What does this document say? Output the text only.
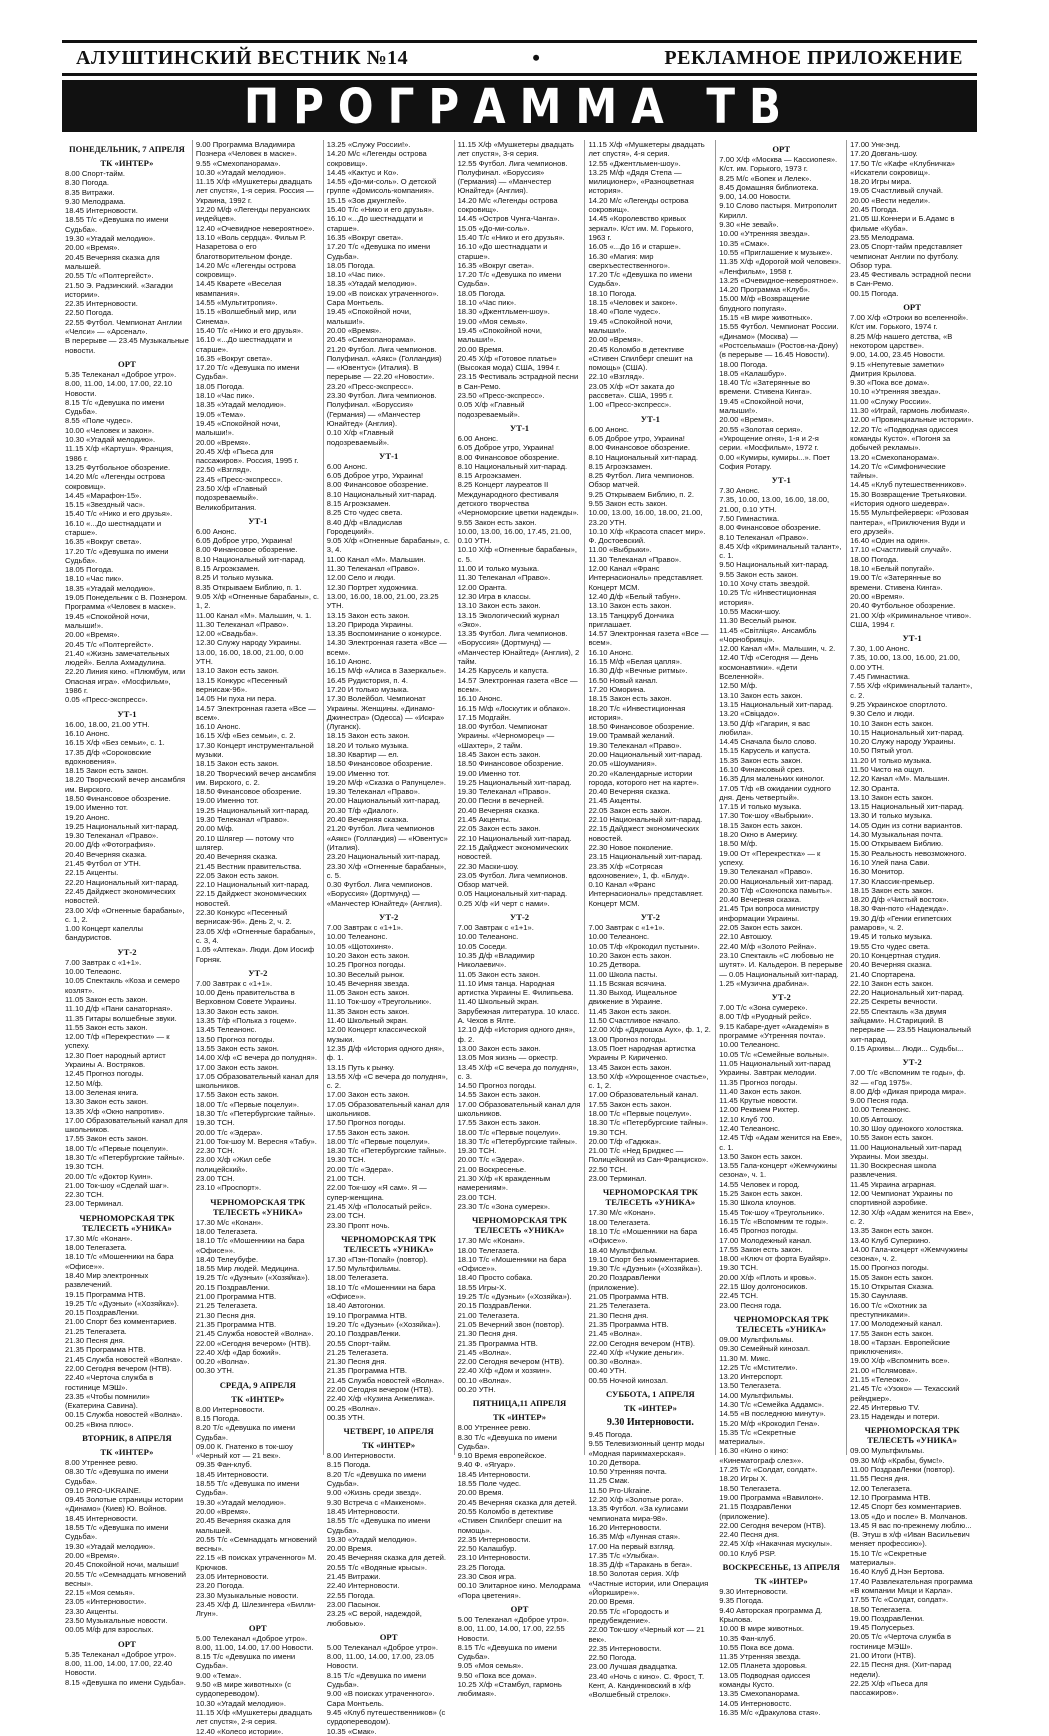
АЛУШТИНСКИЙ ВЕСТНИК №14	•	РЕКЛАМНОЕ ПРИЛОЖЕНИЕ
ПРОГРАММА ТВ

ПОНЕДЕЛЬНИК, 7 АПРЕЛЯ

ТК «ИНТЕР»

8.00 Спорт-тайм.

8.30 Погода.

8.35 Витражи.

9.30 Мелодрама.

18.45 Интерновости.

18.55 Т/с «Девушка по имени Судьба».

19.30 «Угадай мелодию».

20.00 «Время».

20.45 Вечерняя сказка для малышей.

20.55 Т/с «Полтергейст».

21.50 Э. Радзинский. «Загадки истории».

22.35 Интерновости.

22.50 Погода.

22.55 Футбол. Чемпионат Англии «Челси» — «Арсенал».

В перерыве — 23.45 Музыкальные новости.

ОРТ

5.35 Телеканал «Доброе утро».

8.00, 11.00, 14.00, 17.00, 22.10 Новости.

8.15 Т/с «Девушка по имени Судьба».

8.55 «Поле чудес».

10.00 «Человек и закон».

10.30 «Угадай мелодию».

11.15 Х/ф «Картуш». Франция, 1986 г.

13.25 Футбольное обозрение.

14.20 М/с «Легенды острова сокровищ».

14.45 «Марафон-15».

15.15 «Звездный час».

15.40 Т/с «Нико и его друзья».

16.10 «...До шестнадцати и старше».

16.35 «Вокруг света».

17.20 Т/с «Девушка по имени Судьба».

18.05 Погода.

18.10 «Час пик».

18.35 «Угадай мелодию».

19.05 Понедельник с В. Познером. Программа «Человек в маске».

19.45 «Спокойной ночи, малыши!».

20.00 «Время».

20.45 Т/с «Полтергейст».

21.40 «Жизнь замечательных людей». Белла Ахмадулина.

22.20 Линия кино. «Плюмбум, или Опасная игра». «Мосфильм», 1986 г.

0.05 «Пресс-экспресс».

УТ-1

16.00, 18.00, 21.00 УТН.

16.10 Анонс.

16.15 Х/ф «Без семьи», с. 1.

17.35 Д/ф «Сороковские вдохновения».

18.15 Закон есть закон.

18.20 Творческий вечер ансамбля им. Вирского.

18.50 Финансовое обозрение.

19.00 Именно тот.

19.20 Анонс.

19.25 Национальный хит-парад.

19.30 Телеканал «Право».

20.00 Д/ф «Фотография».

20.40 Вечерняя сказка.

21.45 Футбол от УТН.

22.15 Акценты.

22.20 Национальный хит-парад.

22.45 Дайджест экономических новостей.

23.00 Х/ф «Огненные барабаны», с. 1, 2.

1.00 Концерт капеллы бандуристов.

УТ-2

7.00 Завтрак с «1+1».

10.00 Телеаонс.

10.05 Спектакль «Коза и семеро козлят».

11.05 Закон есть закон.

11.10 Д/ф «Пани санаторная».

11.35 Гитары волшебные звуки.

11.55 Закон есть закон.

12.00 Т/ф «Перекрестки» — к успеху.

12.30 Поет народный артист Украины А. Востряков.

12.45 Прогноз погоды.

12.50 М/ф.

13.00 Зеленая книга.

13.30 Закон есть закон.

13.35 Х/ф «Окно напротив».

17.00 Образовательный канал для школьников.

17.55 Закон есть закон.

18.00 Т/с «Первые поцелуи».

18.30 Т/с «Петербургские тайны».

19.30 ТСН.

20.00 Т/с «Доктор Куин».

21.00 Ток-шоу «Сделай шаг».

22.30 ТСН.

23.00 Терминал.

ЧЕРНОМОРСКАЯ ТРК ТЕЛЕСЕТЬ «УНИКА»

17.30 М/с «Конан».

18.00 Телегазета.

18.10 Т/с «Мошенники на бара «Офисе»».

18.40 Мир электронных развлечений.

19.15 Программа НТВ.

19.25 Т/с «Дуэньи» («Хозяйка»).

20.15 ПоздравЛенки.

21.00 Спорт без комментариев.

21.25 Телегазета.

21.30 Песня дня.

21.35 Программа НТВ.

21.45 Служба новостей «Волна».

22.00 Сегодня вечером (НТВ).

22.40 «Черточа служба в гостинице МЭШ».

23.35 «Чтобы помнили» (Екатерина Савина).

00.15 Служба новостей «Волна».

00.25 «Вкна плюс».

ВТОРНИК, 8 АПРЕЛЯ

ТК «ИНТЕР»

8.00 Утреннее ревю.

08.30 Т/с «Девушка по имени Судьба».

09.10 PRO-UKRAINE.

09.45 Золотые страницы истории «Динамо» (Киев) Ю. Войнов.

18.45 Интерновости.

18.55 Т/с «Девушка по имени Судьба».

19.30 «Угадай мелодию».

20.00 «Время».

20.45 Спокойной ночи, малыши!

20.55 Т/с «Семнадцать мгновений весны».

22.15 «Моя семья».

23.05 «Интерновости».

23.30 Акценты.

23.50 Музыкальные новости.

00.05 М/ф для взрослых.

ОРТ

5.35 Телеканал «Доброе утро».

8.00, 11.00, 14.00, 17.00, 22.40 Новости.

8.15 «Девушка по имени Судьба».

9.00 Программа Владимира Познера «Человек в маске».

9.55 «Смехопанорама».

10.30 «Угадай мелодию».

11.15 Х/ф «Мушкетеры двадцать лет спустя», 1-я серия. Россия — Украина, 1992 г.

12.20 М/ф «Легенды перуанских индейцев».

12.40 «Очевидное невероятное».

13.10 «Воль сердца». Фильм Р. Назаретова о его благотворительном фонде.

14.20 М/с «Легенды острова сокровищ».

14.45 Кварете «Веселая квампания».

14.55 «Мультитропия».

15.15 «Волшебный мир, или Синема».

15.40 Т/с «Нико и его друзья».

16.10 «...До шестнадцати и старше».

16.35 «Вокруг света».

17.20 Т/с «Девушка по имени Судьба».

18.05 Погода.

18.10 «Час пик».

18.35 «Угадай мелодию».

19.05 «Тема».

19.45 «Спокойной ночи, малыши!».

20.00 «Время».

20.45 Х/ф «Пьеса для пассажиров». Россия, 1995 г.

22.50 «Взгляд».

23.45 «Пресс-экспресс».

23.50 Х/ф «Главный подозреваемый». Великобритания.

УТ-1

6.00 Анонс.

6.05 Доброе утро, Украина!

8.00 Финансовое обозрение.

8.10 Национальный хит-парад.

8.15 Агроэкзамен.

8.25 И только музыка.

8.35 Открываем Библию, п. 1.

9.05 Х/ф «Огненные барабаны», с. 1, 2.

11.00 Канал «М». Мальшин, ч. 1.

11.30 Телеканал «Право».

12.00 «Свадьба».

12.30 Служу народу Украины.

13.00, 16.00, 18.00, 21.00, 0.00 УТН.

13.10 Закон есть закон.

13.15 Конкурс «Песенный вернисаж-96».

14.05 Ни пуха ни пера.

14.57 Электронная газета «Все — всем».

16.10 Анонс.

16.15 Х/ф «Без семьи», с. 2.

17.30 Концерт инструментальной музыки.

18.15 Закон есть закон.

18.20 Творческий вечер ансамбля им. Вирского, с. 2.

18.50 Финансовое обозрение.

19.00 Именно тот.

19.25 Национальный хит-парад.

19.30 Телеканал «Право».

20.00 М/ф.

20.10 Шлягер — потому что шлягер.

20.40 Вечерняя сказка.

21.45 Вестник правительства.

22.05 Закон есть закон.

22.10 Национальный хит-парад.

22.15 Дайджест экономических новостей.

22.30 Конкурс «Песенный вернисаж-96». День 2, ч. 2.

23.05 Х/ф «Огненные барабаны», с. 3, 4.

1.05 «Аптека». Люди. Дом Иосиф Горняк.

УТ-2

7.00 Завтрак с «1+1».

10.00 День правительства в Верховном Совете Украины.

13.30 Закон есть закон.

13.35 Т/ф «Полька з гоцем».

13.45 Телеанонс.

13.50 Прогноз погоды.

13.55 Закон есть закон.

14.00 Х/ф «С вечера до полудня».

17.00 Закон есть закон.

17.05 Образовательный канал для школьников.

17.55 Закон есть закон.

18.00 Т/с «Первые поцелуи».

18.30 Т/с «Петербургские тайны».

19.30 ТСН.

20.00 Т/с «Эдера».

21.00 Ток-шоу М. Вересня «Табу».

22.30 ТСН.

23.00 Х/ф «Жил себе полицейский».

23.00 ТСН.

23.10 «Проспорт».

ЧЕРНОМОРСКАЯ ТРК ТЕЛЕСЕТЬ «УНИКА»

17.30 М/с «Конан».

18.00 Телегазета.

18.10 Т/с «Мошенники на бара «Офисе»».

18.40 Телеубуфе.

18.55 Мир людей. Медицина.

19.25 Т/с «Дуэньи» («Хозяйка»).

20.15 ПоздравЛенки.

21.00 Программа НТВ.

21.25 Телегазета.

21.30 Песня дня.

21.35 Программа НТВ.

21.45 Служба новостей «Волна».

22.00 «Сегодня вечером» (НТВ).

22.40 Х/ф «Дар божий».

00.20 «Волна».

00.30 УТН.

СРЕДА, 9 АПРЕЛЯ

ТК «ИНТЕР»

8.00 Интерновости.

8.15 Погода.

8.20 Т/с «Девушка по имени Судьба».

09.00 К. Гнатенко в ток-шоу «Черный кот — 21 век».

09.35 Фан-клуб.

18.45 Интерновости.

18.55 Т/с «Девушка по имени Судьба».

19.30 «Угадай мелодию».

20.00 «Время».

20.45 Вечерняя сказка для малышей.

20.55 Т/с «Семнадцать мгновений весны».

22.15 «В поисках утраченного» М. Крючков.

23.05 Интерновости.

23.20 Погода.

23.30 Музыкальные новости.

23.45 Х/ф Д. Шлезингера «Билли-Лгун».

ОРТ

5.00 Телеканал «Доброе утро».

8.00, 11.00, 14.00, 17.00 Новости.

8.15 Т/с «Девушка по имени Судьба».

9.00 «Тема».

9.50 «В мире животных» (с сурдопереводом).

10.30 «Угадай мелодию».

11.15 Х/ф «Мушкетеры двадцать лет спустя», 2-я серия.

12.40 «Колесо истории».

13.25 «Служу России!».

14.20 М/с «Легенды острова сокровищ».

14.45 «Кактус и Ко».

14.55 «До-ми-соль». О детской группе «Домисоль-компания».

15.15 «Зов джунглей».

15.40 Т/с «Нико и его друзья».

16.10 «...До шестнадцати и старше».

16.35 «Вокруг света».

17.20 Т/с «Девушка по имени Судьба».

18.05 Погода.

18.10 «Час пик».

18.35 «Угадай мелодию».

19.00 «В поисках утраченного». Сара Монтьель.

19.45 «Спокойной ночи, малыши!».

20.00 «Время».

20.45 «Смехопанорама».

21.20 Футбол. Лига чемпионов. Полуфинал. «Аякс» (Голландия) — «Ювентус» (Италия). В перерыве — 22.20 «Новости».

23.20 «Пресс-экспресс».

23.30 Футбол. Лига чемпионов. Полуфинал. «Боруссия» (Германия) — «Манчестер Юнайтед» (Англия).

0.10 Х/ф «Главный подозреваемый».

УТ-1

6.00 Анонс.

6.05 Доброе утро, Украина!

8.00 Финансовое обозрение.

8.10 Национальный хит-парад.

8.15 Агроэкзамен.

8.25 Сто чудес света.

8.40 Д/ф «Владислав Городецкий».

9.05 Х/ф «Огненные барабаны», с. 3, 4.

11.00 Канал «М». Мальшин.

11.30 Телеканал «Право».

12.00 Село и люди.

12.30 Портрет художника.

13.00, 16.00, 18.00, 21.00, 23.25 УТН.

13.15 Закон есть закон.

13.20 Природа Украины.

13.35 Воспоминание о конкурсе.

14.30 Электронная газета «Все — всем».

16.10 Анонс.

16.15 М/ф «Алиса в Зазеркалье».

16.45 Рудистория, п. 4.

17.20 И только музыка.

17.30 Волейбол. Чемпионат Украины. Женщины. «Динамо-Джинестра» (Одесса) — «Искра» (Луганск).

18.15 Закон есть закон.

18.20 И только музыка.

18.30 Квартир — ел.

18.50 Финансовое обозрение.

19.00 Именно тот.

19.20 М/ф «Сказка о Рапунцеле».

19.30 Телеканал «Право».

20.00 Национальный хит-парад.

20.30 Т/ф «Диалог».

20.40 Вечерняя сказка.

21.20 Футбол. Лига чемпионов «Аякс» (Голландия) — «Ювентус» (Италия).

23.20 Национальный хит-парад.

23.30 Х/ф «Огненные барабаны», с. 5.

0.30 Футбол. Лига чемпионов. «Боруссия» (Дортмунд) — «Манчестер Юнайтед» (Англия).

УТ-2

7.00 Завтрак с «1+1».

10.00 Телеанонс.

10.05 «Щотохиня».

10.20 Закон есть закон.

10.25 Прогноз погоды.

10.30 Веселый рынок.

10.45 Вечерняя звезда.

11.05 Закон есть закон.

11.10 Ток-шоу «Треугольник».

11.35 Закон есть закон.

11.40 Школьный экран.

12.00 Концерт классической музыки.

12.35 Д/ф «История одного дня», ф. 1.

13.15 Путь к рынку.

13.55 Х/ф «С вечера до полудня», с. 2.

17.00 Закон есть закон.

17.05 Образовательный канал для школьников.

17.50 Прогноз погоды.

17.55 Закон есть закон.

18.00 Т/с «Первые поцелуи».

18.30 Т/с «Петербургские тайны».

19.30 ТСН.

20.00 Т/с «Эдера».

21.00 ТСН.

22.00 Ток-шоу «Я сам». Я — супер-женщина.

21.45 Х/ф «Полосатый рейс».

23.00 ТСН.

23.30 Пропт ночь.

ЧЕРНОМОРСКАЯ ТРК ТЕЛЕСЕТЬ «УНИКА»

17.30 «Пэн-Попай» (повтор).

17.50 Мультфильмы.

18.00 Телегазета.

18.10 Т/с «Мошенники на бара «Офисе»».

18.40 Автогонки.

19.10 Программа НТВ.

19.20 Т/с «Дуэньи» («Хозяйка»).

20.10 ПоздравЛенки.

20.55 Спорт-тайм.

21.25 Телегазета.

21.30 Песня дня.

21.35 Программа НТВ.

21.45 Служба новостей «Волна».

22.00 Сегодня вечером (НТВ).

22.40 Х/ф «Кузина Анжеликa».

00.25 «Волна».

00.35 УТН.

ЧЕТВЕРГ, 10 АПРЕЛЯ

ТК «ИНТЕР»

8.00 Интерновости.

8.15 Погода.

8.20 Т/с «Девушка по имени Судьба».

9.00 «Жизнь среди звезд».

9.30 Встреча с «Маккеном».

18.45 Интерновости.

18.55 Т/с «Девушка по имени Судьба».

19.30 «Угадай мелодию».

20.00 Время.

20.45 Вечерняя сказка для детей.

20.55 Т/с «Водяные крысы».

21.45 Витражи.

22.40 Интерновости.

22.55 Погода.

23.00 Пасынок.

23.25 «С верой, надеждой, любовью».

ОРТ

5.00 Телеканал «Доброе утро».

8.00, 11.00, 14.00, 17.00, 23.05 Новости.

8.15 Т/с «Девушка по имени Судьба».

9.00 «В поисках утраченного». Сара Монтьель.

9.45 «Клуб путешественников» (с сурдопереводом).

10.35 «Смак».

11.15 Х/ф «Мушкетеры двадцать лет спустя», 3-я серия.

12.55 Футбол. Лига чемпионов. Полуфинал. «Боруссия» (Германия) — «Манчестер Юнайтед» (Англия).

14.20 М/с «Легенды острова сокровищ».

14.45 «Остров Чунга-Чанга».

15.05 «До-ми-соль».

15.40 Т/с «Нико и его друзья».

16.10 «До шестнадцати и старше».

16.35 «Вокруг света».

17.20 Т/с «Девушка по имени Судьба».

18.05 Погода.

18.10 «Час пик».

18.30 «Джентльмен-шоу».

19.00 «Моя семья».

19.45 «Спокойной ночи, малыши!».

20.00 Время.

20.45 Х/ф «Готовое платье» (Высокая мода) США, 1994 г.

23.15 Фестиваль эстрадной песни в Сан-Ремо.

23.50 «Пресс-экспресс».

0.05 Х/ф «Главный подозреваемый».

УТ-1

6.00 Анонс.

6.05 Доброе утро, Украина!

8.00 Финансовое обозрение.

8.10 Национальный хит-парад.

8.15 Агроэкзамен.

8.25 Концерт лауреатов II Международного фестиваля детского творчества «Черноморские цветки надежды».

9.55 Закон есть закон.

10.00, 13.00, 16.00, 17.45, 21.00, 0.10 УТН.

10.10 Х/ф «Огненные барабаны», с. 5.

11.00 И только музыка.

11.30 Телеканал «Право».

12.00 Оранта.

12.30 Игра в классы.

13.10 Закон есть закон.

13.15 Экологический журнал «Эко».

13.35 Футбол. Лига чемпионов. «Боруссия» (Дортмунд) — «Манчестер Юнайтед» (Англия), 2 тайм.

14.25 Карусель и капуста.

14.57 Электронная газета «Все — всем».

16.10 Анонс.

16.15 М/ф «Лоскутик и облако».

17.15 Модгайн.

18.00 Футбол. Чемпионат Украины. «Черноморец» — «Шахтер», 2 тайм.

18.45 Закон есть закон.

18.50 Финансовое обозрение.

19.00 Именно тот.

19.25 Национальный хит-парад.

19.30 Телеканал «Право».

20.00 Песни в вечерней.

20.40 Вечерняя сказка.

21.45 Акценты.

22.05 Закон есть закон.

22.10 Национальный хит-парад.

22.15 Дайджест экономических новостей.

22.30 Маски-шоу.

23.05 Футбол. Лига чемпионов. Обзор матчей.

0.05 Национальный хит-парад.

0.25 Х/ф «И черт с нами».

УТ-2

7.00 Завтрак с «1+1».

10.00 Телеанонс.

10.05 Соседи.

10.35 Д/ф «Владимир Николаевич».

11.05 Закон есть закон.

11.10 Имя танца. Народная артистка Украины Е. Филипьева.

11.40 Школьный экран. Зарубежная литература. 10 класс. А. Чехов в Ялте.

12.10 Д/ф «История одного дня», ф. 2.

13.00 Закон есть закон.

13.05 Моя жизнь — оркестр.

13.45 Х/ф «С вечера до полудня», с. 3.

14.50 Прогноз погоды.

14.55 Закон есть закон.

17.00 Образовательный канал для школьников.

17.55 Закон есть закон.

18.00 Т/с «Первые поцелуи».

18.30 Т/с «Петербургские тайны».

19.30 ТСН.

20.00 Т/с «Эдера».

21.00 Воскресенье.

21.30 Х/ф «К вражденным намерениям».

23.00 ТСН.

23.30 Т/с «Зона сумерек».

ЧЕРНОМОРСКАЯ ТРК ТЕЛЕСЕТЬ «УНИКА»

17.30 М/с «Конан».

18.00 Телегазета.

18.10 Т/с «Мошенники на бара «Офисе»».

18.40 Простo собака.

18.55 Игры-Х.

19.25 Т/с «Дуэньи» («Хозяйка»).

20.15 ПоздравЛенки.

21.00 Телегазета.

21.05 Вечерний звон (повтор).

21.30 Песня дня.

21.35 Программа НТВ.

21.45 «Волна».

22.00 Сегодня вечером (НТВ).

22.40 Х/ф «Дом и хозяин».

00.10 «Волна».

00.20 УТН.

ПЯТНИЦА,11 АПРЕЛЯ

ТК «ИНТЕР»

8.00 Утреннее ревю.

8.30 Т/с «Девушка по имени Судьба».

9.10 Время европейское.

9.40 Ф. «Ягуар».

18.45 Интерновости.

18.55 Поле чудес.

20.00 Время.

20.45 Вечерняя сказка для детей.

20.55 Коломбо в детективе «Стивен Спилберг спешит на помощь».

22.35 Интерновости.

22.50 Калашбур.

23.10 Интерновости.

23.25 Погода.

23.30 Своя игра.

00.10 Элитарное кино. Мелодрама «Пора цветения».

ОРТ

5.00 Телеканал «Доброе утро».

8.00, 11.00, 14.00, 17.00, 22.55 Новости.

8.15 Т/с «Девушка по имени Судьба».

9.05 «Моя семья».

9.50 «Пока все дома».

10.25 Х/ф «Стамбул, гармонь любимая».

11.15 Х/ф «Мушкетеры двадцать лет спустя», 4-я серия.

12.55 «Джентльмен-шоу».

13.25 М/ф «Дядя Степа — милиционер», «Разноцветная история».

14.20 М/с «Легенды острова сокровищ».

14.45 «Королевство кривых зеркал». К/ст им. М. Горького, 1963 г.

16.05 «...До 16 и старше».

16.30 «Магия: мир сверхъестественного».

17.20 Т/с «Девушка по имени Судьба».

18.10 Погода.

18.15 «Человек и закон».

18.40 «Поле чудес».

19.45 «Спокойной ночи, малыши!».

20.00 «Время».

20.45 Коломбо в детективе «Стивен Спилберг спешит на помощь» (США).

22.10 «Взгляд».

23.05 Х/ф «От заката до рассвета». США, 1995 г.

1.00 «Пресс-экспресс».

УТ-1

6.00 Анонс.

6.05 Доброе утро, Украина!

8.00 Финансовое обозрение.

8.10 Национальный хит-парад.

8.15 Агроэкзамен.

8.25 Футбол. Лига чемпионов. Обзор матчей.

9.25 Открываем Библию, п. 2.

9.55 Закон есть закон.

10.00, 13.00, 16.00, 18.00, 21.00, 23.20 УТН.

10.10 Х/ф «Красота спасет мир». Ф. Достоевский.

11.00 «Выбрыки».

11.30 Телеканал «Право».

12.00 Канал «Франс Интернасиональ» представляет. Концерт МСМ.

12.40 Д/ф «Белый табун».

13.10 Закон есть закон.

13.15 Танцкруб Дончика приглашает.

14.57 Электронная газета «Все — всем».

16.10 Анонс.

16.15 М/ф «Белая цапля».

16.30 Д/ф «Вечные ритмы».

16.50 Новый канал.

17.20 Юморина.

18.15 Закон есть закон.

18.20 Т/с «Инвестиционная история».

18.50 Финансовое обозрение.

19.00 Трамвай желаний.

19.30 Телеканал «Право».

20.00 Национальный хит-парад.

20.05 «Шоумания».

20.20 «Календарные истории города, которого нет на карте».

20.40 Вечерняя сказка.

21.45 Акценты.

22.05 Закон есть закон.

22.10 Национальный хит-парад.

22.15 Дайджест экономических новостей.

22.30 Новое поколение.

23.15 Национальный хит-парад.

23.35 Х/ф «Сотрясая вдохновение», 1, ф. «Блуд».

0.10 Канал «Франс Интернасиональ» представляет. Концерт МСМ.

УТ-2

7.00 Завтрак с «1+1».

10.00 Телеанонс.

10.05 Т/ф «Крокодил пустыни».

10.20 Закон есть закон.

10.25 Детвора.

11.00 Школа пасты.

11.15 Всякая всячина.

11.30 Выход. Ищеальное движение в Украине.

11.45 Закон есть закон.

11.50 Счастливое начало.

12.00 Х/ф «Дядюшка Аух», ф. 1, 2.

13.00 Прогноз погоды.

13.05 Поет народная артистка Украины Р. Кириченко.

13.45 Закон есть закон.

13.50 Х/ф «Укрощенное счастье», с. 1, 2.

17.00 Образовательный канал.

17.55 Закон есть закон.

18.00 Т/с «Первые поцелуи».

18.30 Т/с «Петербургские тайны».

19.30 ТСН.

20.00 Т/ф «Гадюка».

21.00 Т/с «Нед Бриджес — Полицейский из Сан-Франциско».

22.50 ТСН.

23.00 Терминал.

ЧЕРНОМОРСКАЯ ТРК ТЕЛЕСЕТЬ «УНИКА»

17.30 М/с «Конан».

18.00 Телегазета.

18.10 Т/с «Мошенники на бара «Офисе»».

18.40 Мультфильм.

19.10 Спорт без комментариев.

19.30 Т/с «Дуэньи» («Хозяйка»).

20.20 ПоздравЛенки (приложение).

21.05 Программа НТВ.

21.25 Телегазета.

21.30 Песня дня.

21.35 Программа НТВ.

21.45 «Волна».

22.00 Сегодня вечером (НТВ).

22.40 Х/ф «Чужие деньги».

00.30 «Волна».

00.40 УТН.

00.55 Ночной кинозал.

СУББОТА, 1 АПРЕЛЯ

ТК «ИНТЕР»

9.30 Интерновости.

9.45 Погода.

9.55 Телевизионный центр моды «Модная парикмахерская».

10.20 Детвора.

10.50 Утренняя почта.

11.25 Смак.

11.50 Pro-Ukraine.

12.20 Х/ф «Золотые рога».

13.35 Футбол. «За кулисами чемпионата мира-98».

16.20 Интерновости.

16.35 М/ф «Лунная стая».

17.00 На первый взгляд.

17.35 Т/с «Улыбка».

18.35 Д/ф «Таракань в бега».

18.50 Золотая серия. Х/ф «Частные истории, или Операция «Йоркшире»».

20.00 Время.

20.55 Т/с «Городость и предубеждение».

22.00 Ток-шоу «Черный кот — 21 век».

22.35 Интерновости.

22.50 Погода.

23.00 Лучшая двадцатка.

23.40 «Ночь с кино». С. Фрост, Т. Кент, А. Кандинковский в х/ф «Волшебный стрелок».

ОРТ

7.00 Х/ф «Москва — Кассиопея». К/ст. им. Горького, 1973 г.

8.25 М/с «Бопек и Лелек».

8.45 Домашняя библиотека.

9.00, 14.00 Новости.

9.10 Слово пастыря. Митрополит Кирилл.

9.30 «Не зевай».

10.00 «Утренняя звезда».

10.35 «Смак».

10.55 «Приглашение к музыке».

11.35 Х/ф «Дорогой мой человек». «Ленфильм», 1958 г.

13.25 «Очевидное-невероятное».

14.20 Программа «Клуб».

15.00 М/ф «Возвращение блудного попугая».

15.15 «В мире животных».

15.55 Футбол. Чемпионат России. «Динамо» (Москва) — «Ростсельмаш» (Ростов-на-Дону) (в перерыве — 16.45 Новости).

18.00 Погода.

18.05 «Калашбур».

18.40 Т/с «Затерянные во времени. Стивена Кинга».

19.45 «Спокойной ночи, малыши!».

20.00 «Время».

20.55 «Золотая серия». «Укрощение огня», 1-я и 2-я серии. «Мосфильм», 1972 г.

0.00 «Кумиры, кумиры...». Поет София Ротару.

УТ-1

7.30 Анонс.

7.35, 10.00, 13.00, 16.00, 18.00, 21.00, 0.10 УТН.

7.50 Гимнастика.

8.00 Финансовое обозрение.

8.10 Телеканал «Право».

8.45 Х/ф «Криминальный талант», с. 1.

9.50 Национальный хит-парад.

9.55 Закон есть закон.

10.10 Хочу стать звездой.

10.25 Т/с «Инвестиционная история».

10.55 Маски-шоу.

11.30 Веселый рынок.

11.45 «Світліця». Ансамбль «Чорнобривці».

12.00 Канал «М». Мальшин, ч. 2.

12.40 Т/ф «Сегодня — День космонавтики». «Дети Вселенной».

12.50 М/ф.

13.10 Закон есть закон.

13.15 Национальный хит-парад.

13.20 «Свіцадо».

13.50 Д/ф «Гагарин, я вас любила».

14.45 Сначала было слово.

15.15 Карусель и капуста.

15.35 Закон есть закон.

16.10 Финансовый срез.

16.35 Для маленьких кинолог.

17.05 Т/ф «В ожидании судного дня. День четвертый».

17.15 И только музыка.

17.30 Ток-шоу «Выбрыки».

18.15 Закон есть закон.

18.20 Окно в Америку.

18.50 М/ф.

19.00 От «Перекрестка» — к успеху.

19.30 Телеканал «Право».

20.00 Национальный хит-парад.

20.30 Т/ф «Сохнопска памыть».

20.40 Вечерняя сказка.

21.45 Три вопроса министру информации Украины.

22.05 Закон есть закон.

22.10 Автошоу.

22.40 М/ф «Золото Рейна».

23.10 Спектакль «С любовью не шутят». И. Кальдерон. В перерыве — 0.05 Национальный хит-парад.

1.25 «Музична драбина».

УТ-2

7.00 Т/с «Зона сумерек».

8.00 Т/ф «Руодный рейс».

9.15 Кабаре-дует «Академія» в программе «Утренняя почта».

10.00 Телеанонс.

10.05 Т/с «Семейные вольны».

11.05 Национальный хит-парад Украины. Завтрак мелодии.

11.35 Прогноз погоды.

11.40 Закон есть закон.

11.45 Крутые новости.

12.00 Реквием Рихтер.

12.10 Клуб 700.

12.40 Телеанонс.

12.45 Т/ф «Адам женится на Еве», с. 1.

13.50 Закон есть закон.

13.55 Гала-концерт «Жемчужины сезона», ч. 1.

14.55 Человек и город.

15.25 Закон есть закон.

15.30 Школа клоунов.

15.45 Ток-шоу «Треугольник».

16.15 Т/с «Вспомним те годы».

16.45 Прогноз погоды.

17.00 Молодежный канал.

17.55 Закон есть закон.

18.00 «Ключ от форта Буайяр».

19.30 ТСН.

20.00 Х/ф «Плоть и кровь».

22.15 Шоу долгоносиков.

22.45 ТСН.

23.00 Песня года.

ЧЕРНОМОРСКАЯ ТРК ТЕЛЕСЕТЬ «УНИКА»

09.00 Мультфильмы.

09.30 Семейный кинозал.

11.30 М. Микс.

12.25 Т/с «Мстители».

13.20 Интерспорт.

13.50 Телегазета.

14.00 Мультфильмы.

14.30 Т/с «Семейка Аддамс».

14.55 «В последнюю минуту».

15.20 М/ф «Крокодил Гена».

15.35 Т/с «Секретные материалы».

16.30 «Кино о кино: «Кинематограф слез»».

17.25 Т/с «Солдат, солдат».

18.20 Игры Х.

18.50 Телегазета.

19.00 Программа «Вавилон».

21.15 ПоздравЛенки (приложение).

22.00 Сегодня вечером (НТВ).

22.40 Песня дня.

22.45 Х/ф «Накачная мускулы».

00.10 Клуб PSP.

ВОСКРЕСЕНЬЕ, 13 АПРЕЛЯ

ТК «ИНТЕР»

9.30 Интерновости.

9.35 Погода.

9.40 Авторская программа Д. Крылова.

10.00 В мире животных.

10.35 Фан-клуб.

10.55 Пока все дома.

11.35 Утренняя звезда.

12.05 Планета здоровья.

13.05 Подводная одиссея команды Кусто.

13.35 Смехопанорама.

14.05 Интерновостс.

16.35 М/с «Дракулова стая».

17.00 Унк-энд.

17.20 Довгань-шоу.

17.50 Т/с «Кафе «Клубничка» «Искатели сокровищ».

18.20 Игры мира.

19.05 Счастливый случай.

20.00 «Вести недели».

20.45 Погода.

21.05 Ш.Коннери и Б.Адамс в фильме «Куба».

23.55 Мелодрама.

23.05 Спорт-тайм представляет чемпионат Англии по футболу. Обзор тура.

23.45 Фестиваль эстрадной песни в Сан-Ремо.

00.15 Погода.

ОРТ

7.00 Х/ф «Отроки во вселенной». К/ст им. Горького, 1974 г.

8.25 М/ф нашего детства, «В некотором царстве».

9.00, 14.00, 23.45 Новости.

9.15 «Непутевые заметки» Дмитрия Крылова.

9.30 «Пока все дома».

10.10 «Утренняя звезда».

11.00 «Служу России».

11.30 «Играй, гармонь любимая».

12.00 «Провинциальные истории».

12.20 Т/с «Подводная одиссея команды Кусто». «Погоня за добычей рекламы».

13.20 «Смехопанорама».

14.20 Т/с «Симфонические тайны».

14.45 «Клуб путешественников».

15.30 Возвращение Третьяковки. «История одного шедевра».

15.55 Мультфейерверк: «Розовая пантера», «Приключения Вуди и его друзей».

16.40 «Один на один».

17.10 «Счастливый случай».

18.00 Погода.

18.10 «Белый попугай».

19.00 Т/с «Затерянные во времени. Стивена Кинга».

20.00 «Время».

20.40 Футбольное обозрение.

21.00 Х/ф «Криминальное чтиво». США, 1994 г.

УТ-1

7.30, 1.00 Анонс.

7.35, 10.00, 13.00, 16.00, 21.00, 0.00 УТН.

7.45 Гимнастика.

7.55 Х/ф «Криминальный талант», с. 2.

9.25 Украинское спортлото.

9.30 Село и люди.

10.10 Закон есть закон.

10.15 Национальный хит-парад.

10.20 Служу народу Украины.

10.50 Пятый угол.

11.20 И только музыка.

11.50 Чисто на ощуп.

12.20 Канал «М». Мальшин.

12.30 Оранта.

13.10 Закон есть закон.

13.15 Национальный хит-парад.

13.30 И только музыка.

14.05 Один из сотни вариантов.

14.30 Музыкальная почта.

15.00 Открываем Библию.

15.30 Реальность невозможного.

16.10 Улей пана Сави.

16.30 Монитор.

17.30 Классик-премьер.

18.15 Закон есть закон.

18.20 Д/ф «Чистый восток».

18.30 Фан-пото «Надежда».

19.30 Д/ф «Гении египетских рамаров», ч. 2.

19.45 И только музыка.

19.55 Сто чудес света.

20.10 Концертная студия.

20.40 Вечерняя сказка.

21.40 Спортарена.

22.10 Закон есть закон.

22.20 Национальный хит-парад.

22.25 Секреты вечности.

22.55 Спектакль «За двумя зайцами». Н.Старицкий. В перерыве — 23.55 Национальный хит-парад.

0.15 Архивы... Люди... Судьбы...

УТ-2

7.00 Т/с «Вспомним те годы», ф. 32 — «Год 1975».

8.00 Д/ф «Дикая природа мира».

9.00 Песня года.

10.00 Телеанонс.

10.05 Автошоу.

10.30 Шоу одинокого холостяка.

10.55 Закон есть закон.

11.00 Национальный хит-парад Украины. Мои звезды.

11.30 Воскресная школа развлечения.

11.45 Украина аграрная.

12.00 Чемпионат Украины по спортивной аэробике.

12.30 Х/ф «Адам женится на Еве», с. 2.

13.35 Закон есть закон.

13.40 Клуб Суперкино.

14.00 Гала-концерт «Жемчужины сезона», ч. 2.

15.00 Прогноз погоды.

15.05 Закон есть закон.

15.10 Открытая Сказка.

15.30 Саунлаяв.

16.00 Т/с «Охотник за преступниками».

17.00 Молодежный канал.

17.55 Закон есть закон.

18.00 «Тарзан. Европейские приключения».

19.00 Х/ф «Вспомнить все».

21.00 «Пслямова».

21.15 «Телеоко».

21.45 Т/с «Узоко» — Техасский рейнджер».

22.45 Интервью TV.

23.15 Надежды и потери.

ЧЕРНОМОРСКАЯ ТРК ТЕЛЕСЕТЬ «УНИКА»

09.00 Мультфильмы.

09.30 М/ф «Крабы, бумс!».

11.00 ПоздравЛенки (повтор).

11.55 Песня дня.

12.00 Телегазета.

12.10 Программа НТВ.

12.45 Спорт без комментариев.

13.05 «До и после» В. Молчанов.

13.45 Я вас по-прежнему люблю... (В. Этуш в х/ф «Иван Васильевич меняет профессию»).

15.10 Т/с «Секретные материалы».

16.40 Клуб Д.Нэн Бертова.

17.40 Развлекательная программа «В компании Мици и Карла».

17.55 Т/с «Солдат, солдат».

18.50 Телегазета.

19.00 ПоздравЛенки.

19.45 Полусерьез.

20.05 Т/с «Черточа служба в гостинице МЭШ».

21.00 Итоги (НТВ).

22.15 Песня дня. (Хит-парад недели).

22.25 Х/ф «Пьеса для пассажиров».
